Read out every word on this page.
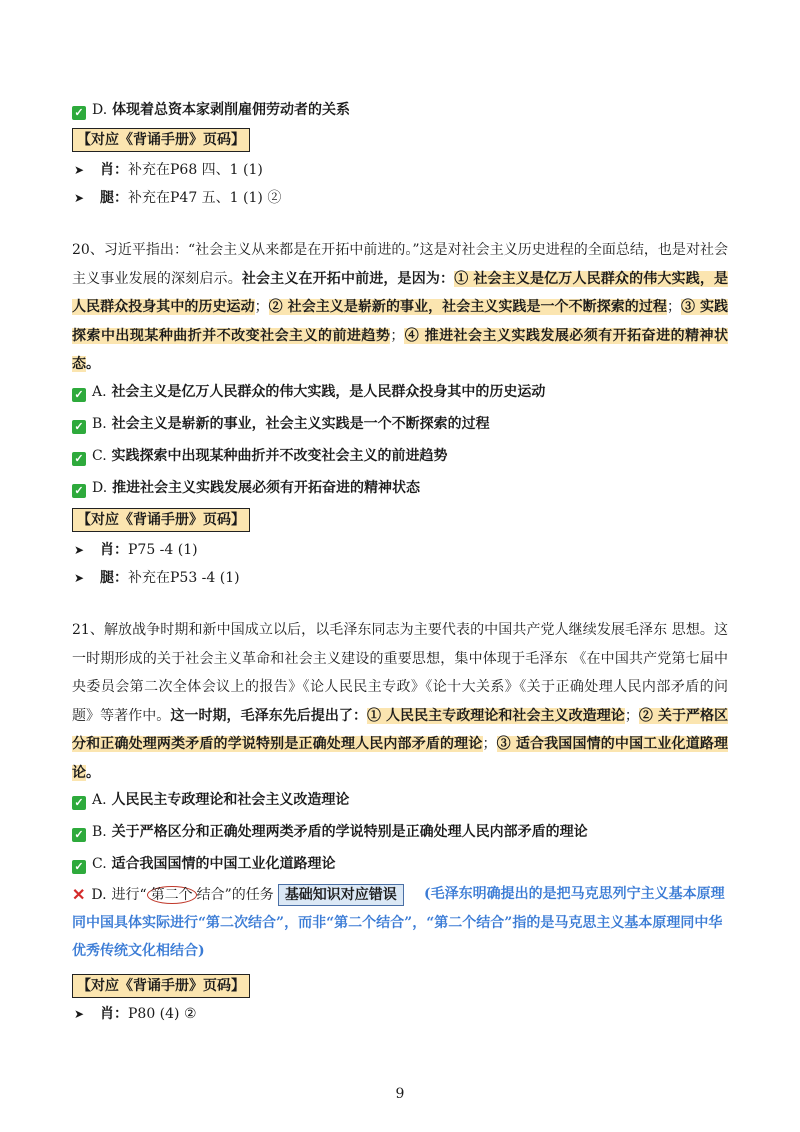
✓ D. 体现着总资本家剥削雇佣劳动者的关系
【对应《背诵手册》页码】
➤ 肖：补充在P68 四、1 (1)
➤ 腿：补充在P47 五、1 (1) ②
20、习近平指出：“社会主义从来都是在开拓中前进的。”这是对社会主义历史进程的全面总结，也是对社会主义事业发展的深刻启示。社会主义在开拓中前进，是因为：① 社会主义是亿万人民群众的伟大实践，是人民群众投身其中的历史运动；② 社会主义是崭新的事业，社会主义实践是一个不断探索的过程；③ 实践探索中出现某种曲折并不改变社会主义的前进趋势；④ 推进社会主义实践发展必须有开拓奋进的精神状态。
✓ A. 社会主义是亿万人民群众的伟大实践，是人民群众投身其中的历史运动
✓ B. 社会主义是崭新的事业，社会主义实践是一个不断探索的过程
✓ C. 实践探索中出现某种曲折并不改变社会主义的前进趋势
✓ D. 推进社会主义实践发展必须有开拓奋进的精神状态
【对应《背诵手册》页码】
➤ 肖：P75 -4 (1)
➤ 腿：补充在P53 -4 (1)
21、解放战争时期和新中国成立以后，以毛泽东同志为主要代表的中国共产党人继续发展毛泽东 思想。这一时期形成的关于社会主义革命和社会主义建设的重要思想，集中体现于毛泽东 《在中国共产党第七届中央委员会第二次全体会议上的报告》《论人民民主专政》《论十大关系》《关于正确处理人民内部矛盾的问题》等著作中。这一时期，毛泽东先后提出了：① 人民民主专政理论和社会主义改造理论；② 关于严格区分和正确处理两类矛盾的学说特别是正确处理人民内部矛盾的理论；③ 适合我国国情的中国工业化道路理论。
✓ A. 人民民主专政理论和社会主义改造理论
✓ B. 关于严格区分和正确处理两类矛盾的学说特别是正确处理人民内部矛盾的理论
✓ C. 适合我国国情的中国工业化道路理论
✕ D. 进行“ 第二个 结合”的任务 基础知识对应错误	(毛泽东明确提出的是把马克思列宁主义基本原理同中国具体实际进行“第二次结合”，而非“第二个结合”，“第二个结合”指的是马克思主义基本原理同中华优秀传统文化相结合)
【对应《背诵手册》页码】
➤ 肖：P80 (4) ②
9
